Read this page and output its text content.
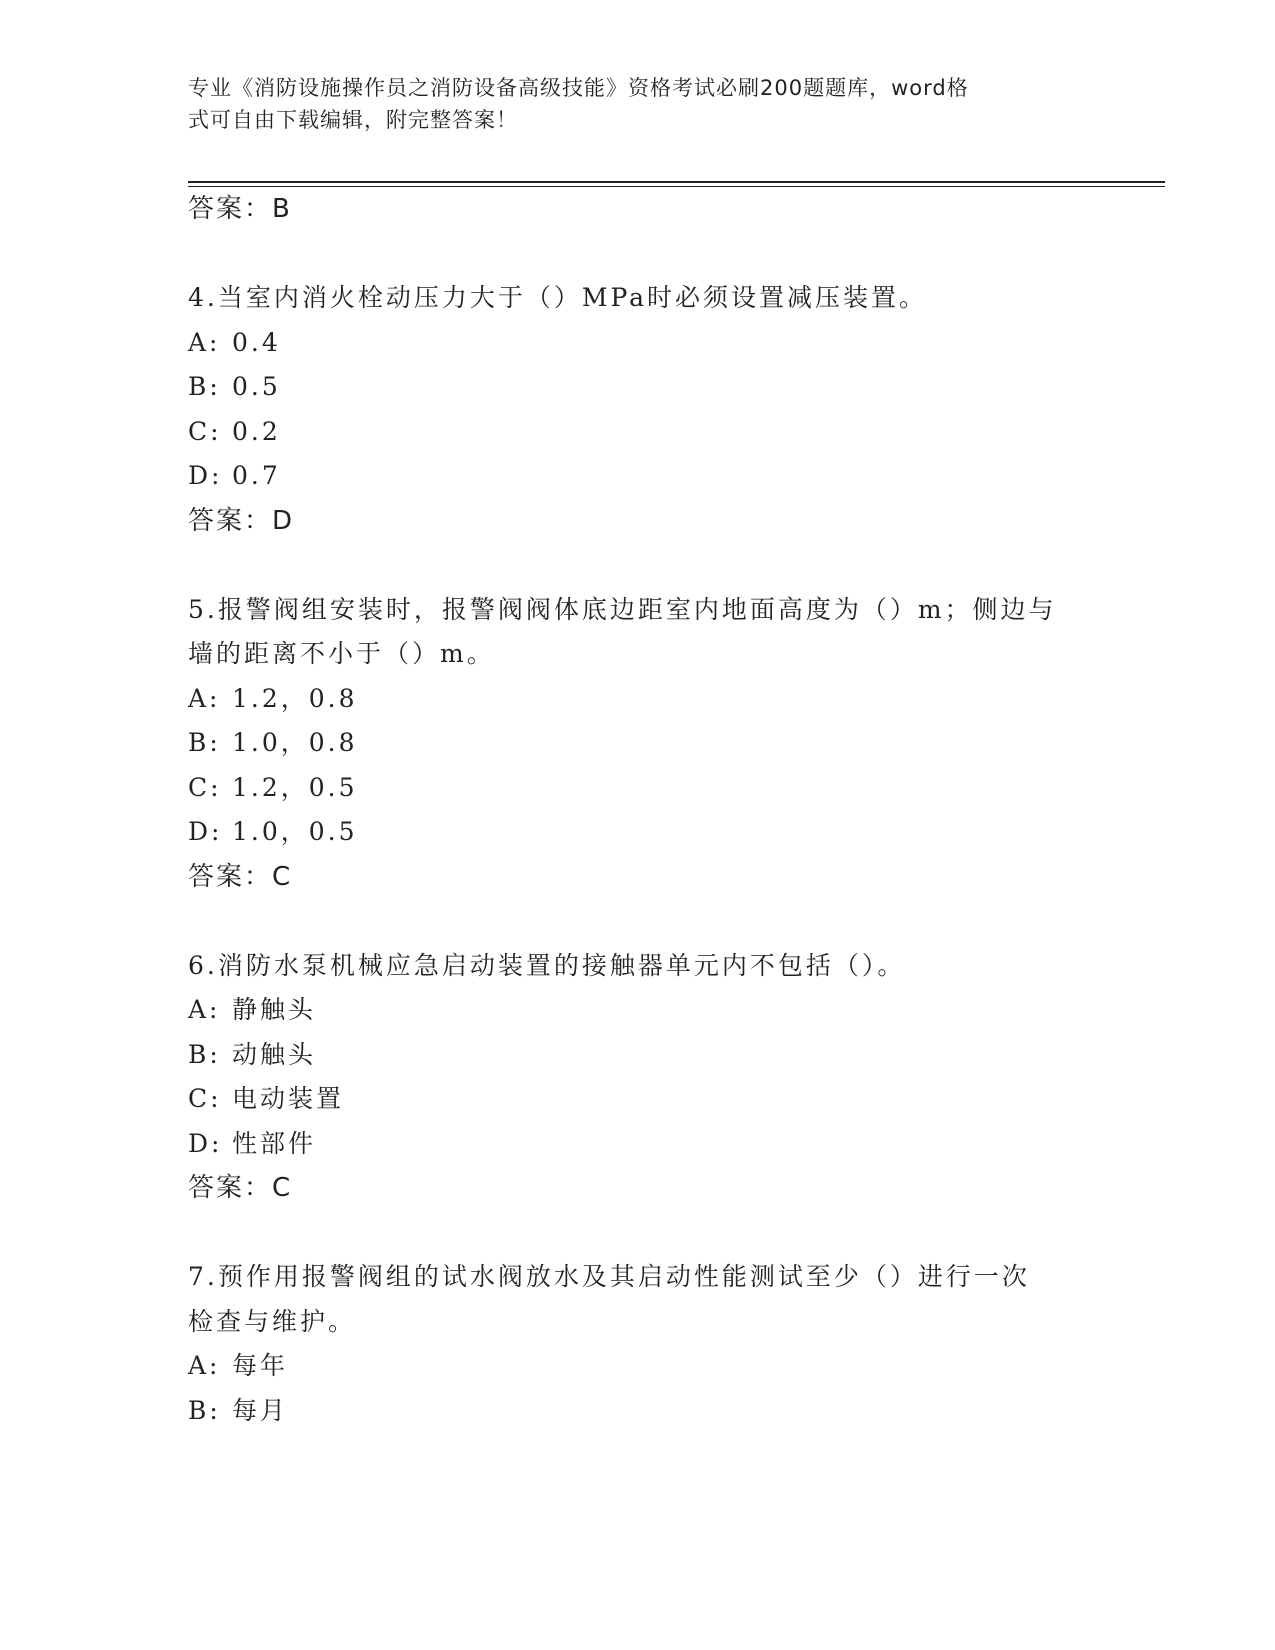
专业《消防设施操作员之消防设备高级技能》资格考试必刷200题题库，word格
式可自由下载编辑，附完整答案！
答案：B
4.当室内消火栓动压力大于（）MPa时必须设置减压装置。
A: 0.4
B: 0.5
C: 0.2
D: 0.7
答案：D
5.报警阀组安装时，报警阀阀体底边距室内地面高度为（）m；侧边与
墙的距离不小于（）m。
A: 1.2，0.8
B: 1.0，0.8
C: 1.2，0.5
D: 1.0，0.5
答案：C
6.消防水泵机械应急启动装置的接触器单元内不包括（）。
A: 静触头
B: 动触头
C: 电动装置
D: 性部件
答案：C
7.预作用报警阀组的试水阀放水及其启动性能测试至少（）进行一次
检查与维护。
A: 每年
B: 每月
